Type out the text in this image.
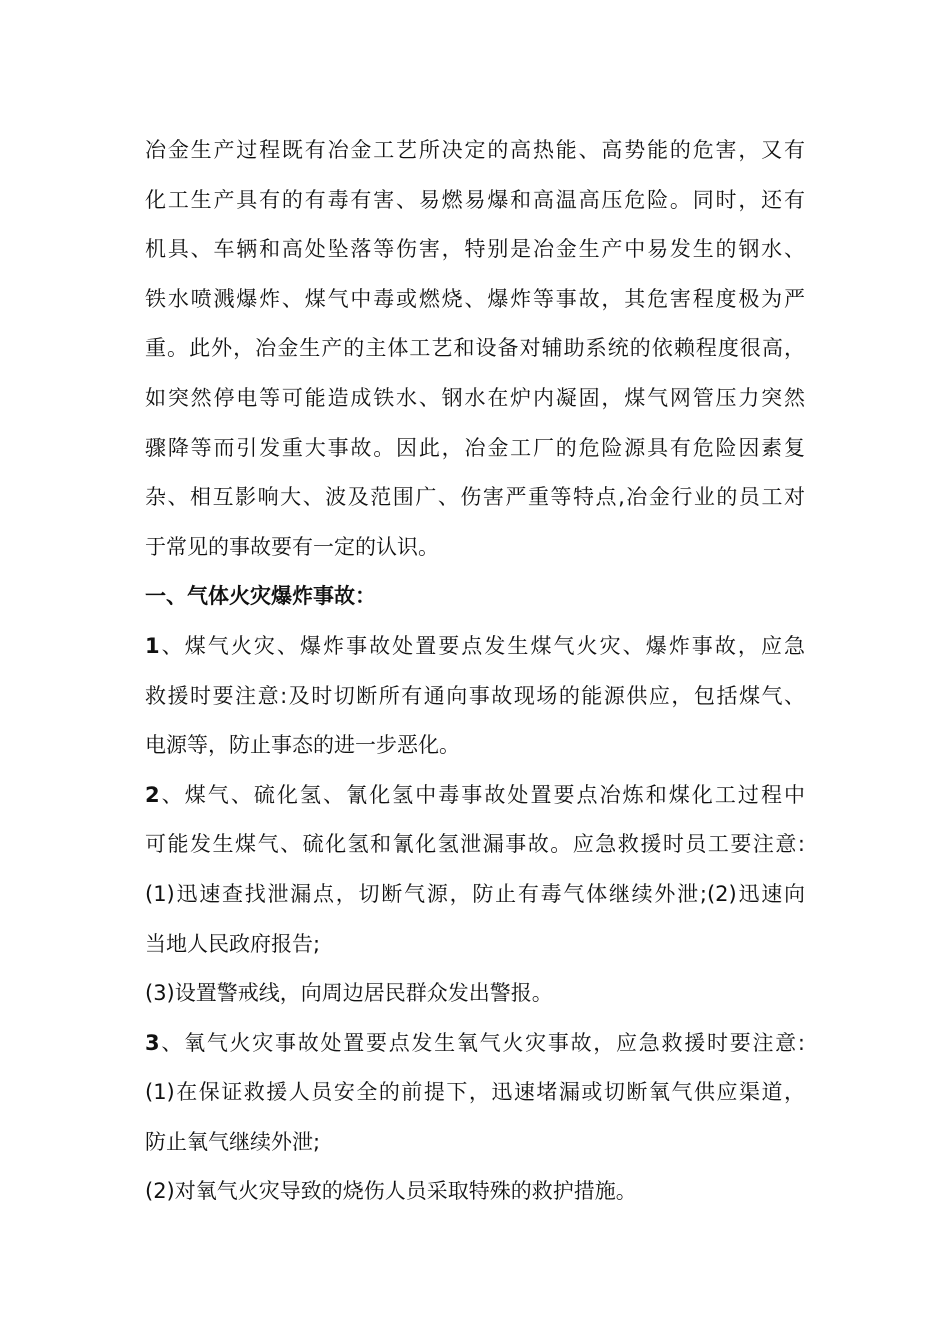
冶金生产过程既有冶金工艺所决定的高热能、高势能的危害，又有
化工生产具有的有毒有害、易燃易爆和高温高压危险。同时，还有
机具、车辆和高处坠落等伤害，特别是冶金生产中易发生的钢水、
铁水喷溅爆炸、煤气中毒或燃烧、爆炸等事故，其危害程度极为严
重。此外，冶金生产的主体工艺和设备对辅助系统的依赖程度很高，
如突然停电等可能造成铁水、钢水在炉内凝固，煤气网管压力突然
骤降等而引发重大事故。因此，冶金工厂的危险源具有危险因素复
杂、相互影响大、波及范围广、伤害严重等特点,冶金行业的员工对
于常见的事故要有一定的认识。
一、气体火灾爆炸事故：
1、煤气火灾、爆炸事故处置要点发生煤气火灾、爆炸事故，应急
救援时要注意:及时切断所有通向事故现场的能源供应，包括煤气、
电源等，防止事态的进一步恶化。
2、煤气、硫化氢、氰化氢中毒事故处置要点冶炼和煤化工过程中
可能发生煤气、硫化氢和氰化氢泄漏事故。应急救援时员工要注意:
(1)迅速查找泄漏点，切断气源，防止有毒气体继续外泄;(2)迅速向
当地人民政府报告;
(3)设置警戒线，向周边居民群众发出警报。
3、氧气火灾事故处置要点发生氧气火灾事故，应急救援时要注意:
(1)在保证救援人员安全的前提下，迅速堵漏或切断氧气供应渠道，
防止氧气继续外泄;
(2)对氧气火灾导致的烧伤人员采取特殊的救护措施。
